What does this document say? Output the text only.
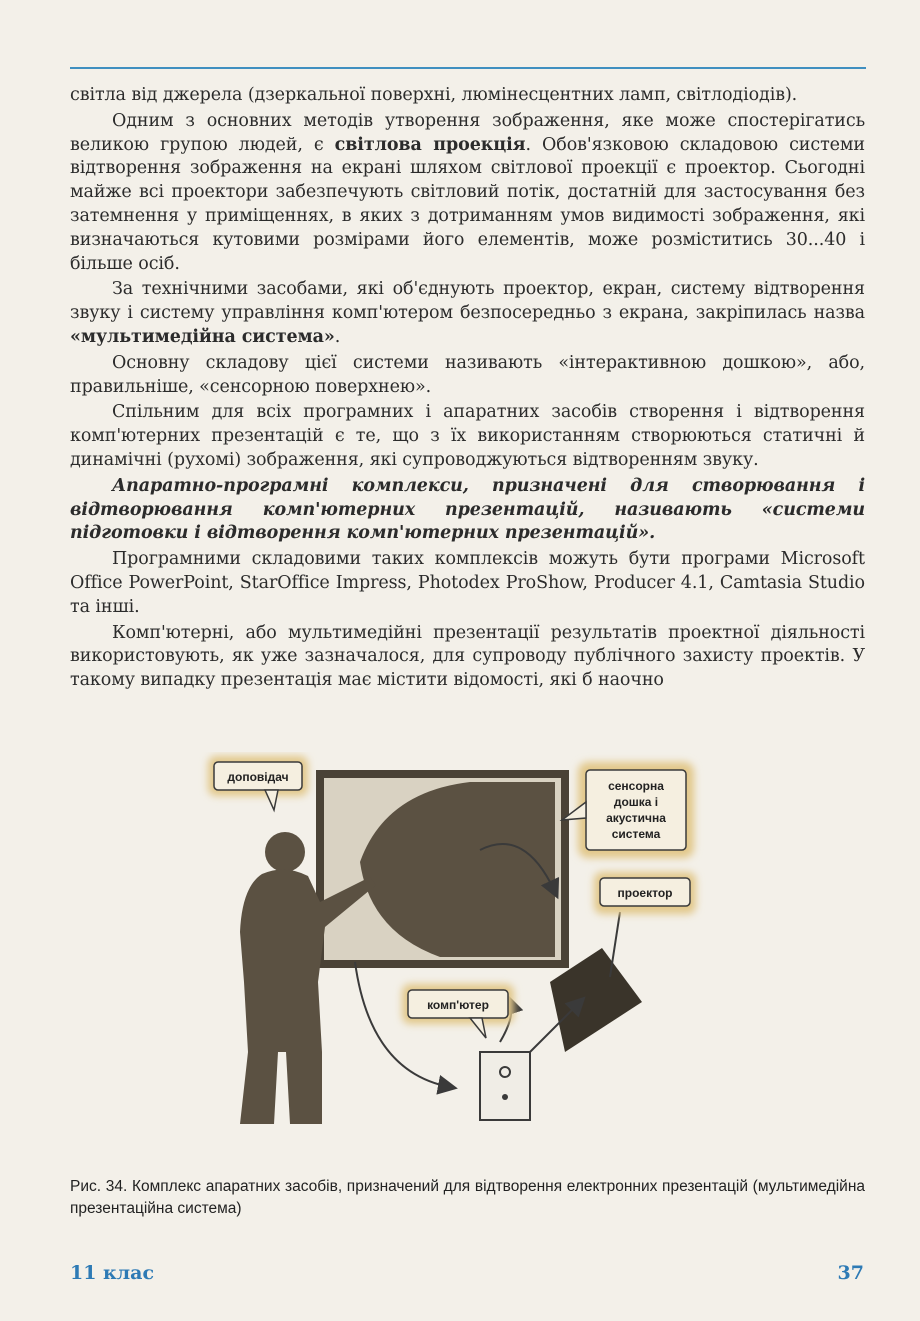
світла від джерела (дзеркальної поверхні, люмінесцентних ламп, світлодіодів).

Одним з основних методів утворення зображення, яке може спостерігатись великою групою людей, є світлова проекція. Обов'язковою складовою системи відтворення зображення на екрані шляхом світлової проекції є проектор. Сьогодні майже всі проектори забезпечують світловий потік, достатній для застосування без затемнення у приміщеннях, в яких з дотриманням умов видимості зображення, які визначаються кутовими розмірами його елементів, може розміститись 30...40 і більше осіб.

За технічними засобами, які об'єднують проектор, екран, систему відтворення звуку і систему управління комп'ютером безпосередньо з екрана, закріпилась назва «мультимедійна система».

Основну складову цієї системи називають «інтерактивною дошкою», або, правильніше, «сенсорною поверхнею».

Спільним для всіх програмних і апаратних засобів створення і відтворення комп'ютерних презентацій є те, що з їх використанням створюються статичні й динамічні (рухомі) зображення, які супроводжуються відтворенням звуку.

Апаратно-програмні комплекси, призначені для створювання і відтворювання комп'ютерних презентацій, називають «системи підготовки і відтворення комп'ютерних презентацій».

Програмними складовими таких комплексів можуть бути програми Microsoft Office PowerPoint, StarOffice Impress, Photodex ProShow, Producer 4.1, Camtasia Studio та інші.

Комп'ютерні, або мультимедійні презентації результатів проектної діяльності використовують, як уже зазначалося, для супроводу публічного захисту проектів. У такому випадку презентація має містити відомості, які б наочно

доповідач
сенсорна
дошка і
акустична
система
проектор
комп'ютер
Рис. 34. Комплекс апаратних засобів, призначений для відтворення електронних презентацій (мультимедійна презентаційна система)
11 клас	37
